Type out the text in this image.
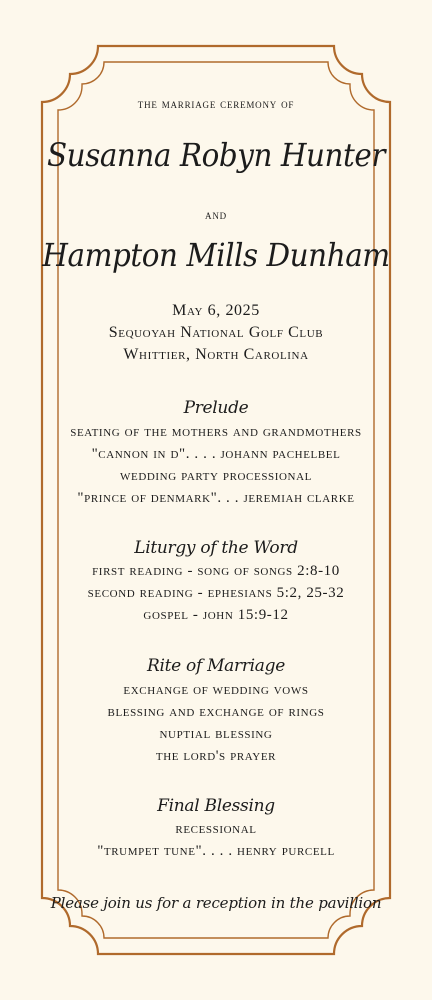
the marriage ceremony of
Susanna Robyn Hunter
and
Hampton Mills Dunham
May 6, 2025
Sequoyah National Golf Club
Whittier, North Carolina
Prelude
seating of the mothers and grandmothers
"cannon in d". . . . johann pachelbel
wedding party processional
"prince of denmark". . . jeremiah clarke
Liturgy of the Word
first reading - song of songs 2:8-10
second reading - ephesians 5:2, 25-32
gospel - john 15:9-12
Rite of Marriage
exchange of wedding vows
blessing and exchange of rings
nuptial blessing
the lord's prayer
Final Blessing
recessional
"trumpet tune". . . . henry purcell
Please join us for a reception in the pavillion
